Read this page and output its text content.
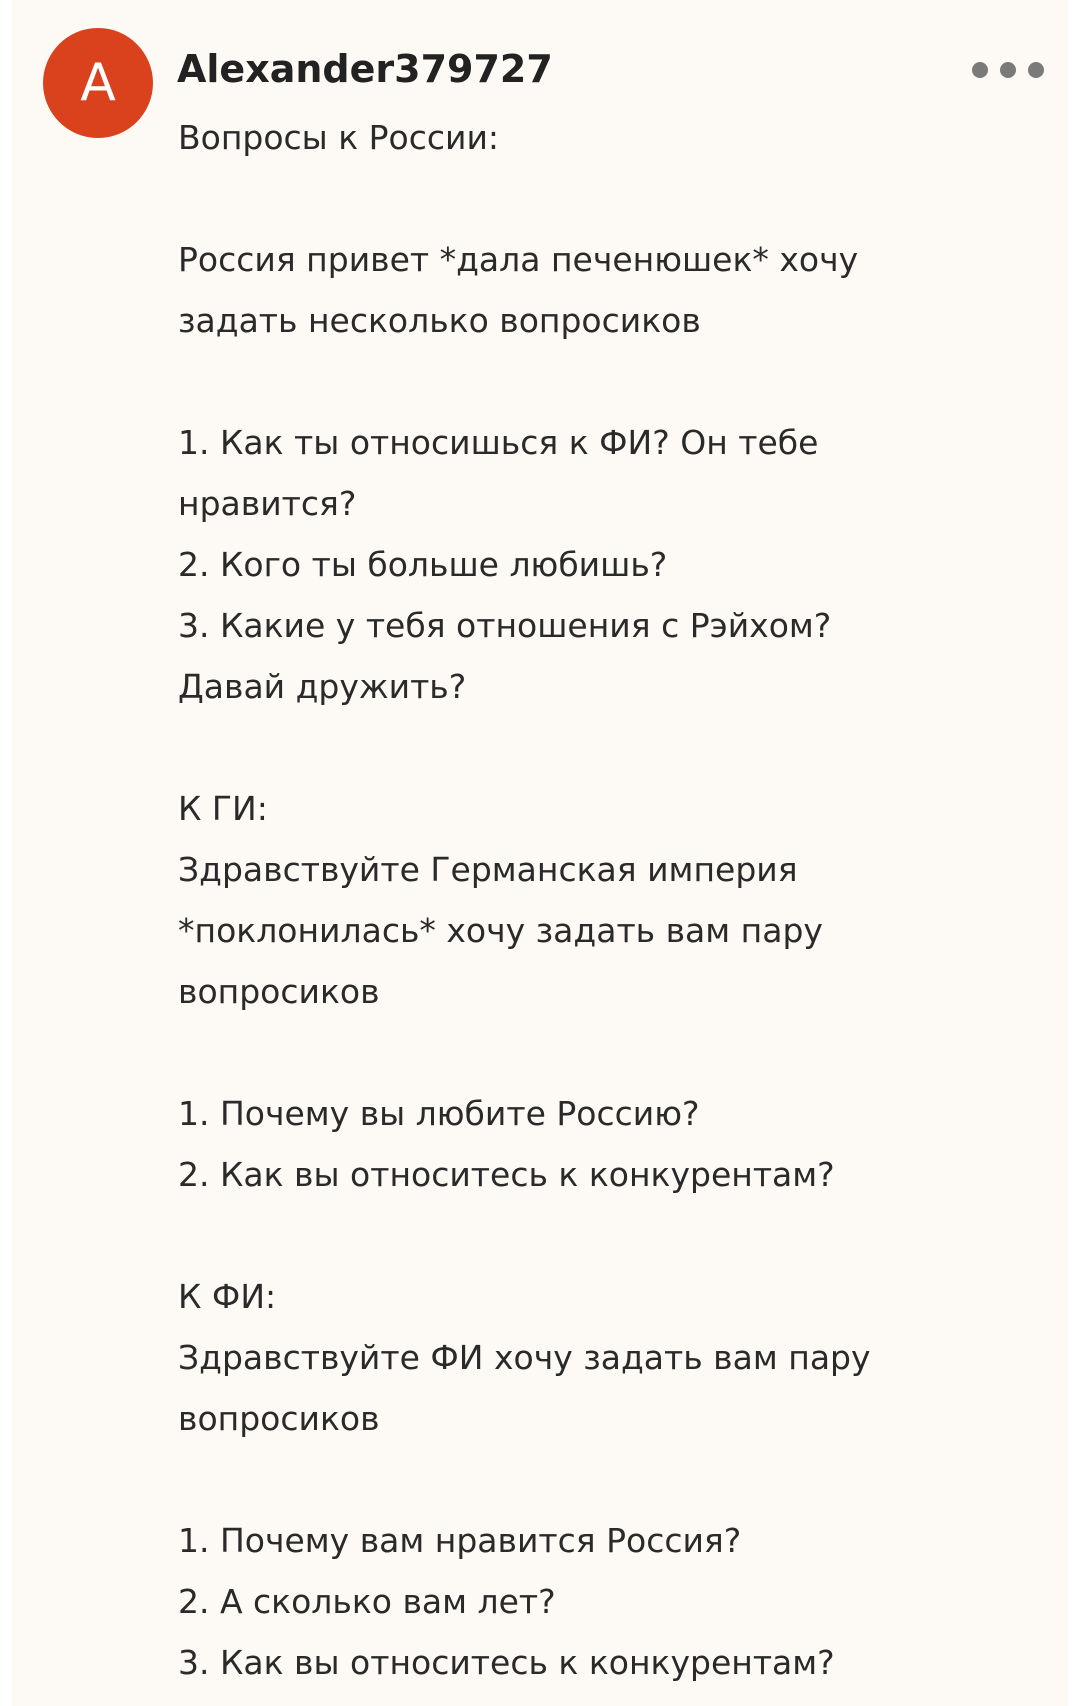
A Alexander379727
Вопросы к России:
Россия привет *дала печенюшек* хочу
задать несколько вопросиков
1. Как ты относишься к ФИ? Он тебе
нравится?
2. Кого ты больше любишь?
3. Какие у тебя отношения с Рэйхом?
Давай дружить?
К ГИ:
Здравствуйте Германская империя
*поклонилась* хочу задать вам пару
вопросиков
1. Почему вы любите Россию?
2. Как вы относитесь к конкурентам?
К ФИ:
Здравствуйте ФИ хочу задать вам пару
вопросиков
1. Почему вам нравится Россия?
2. А сколько вам лет?
3. Как вы относитесь к конкурентам?
